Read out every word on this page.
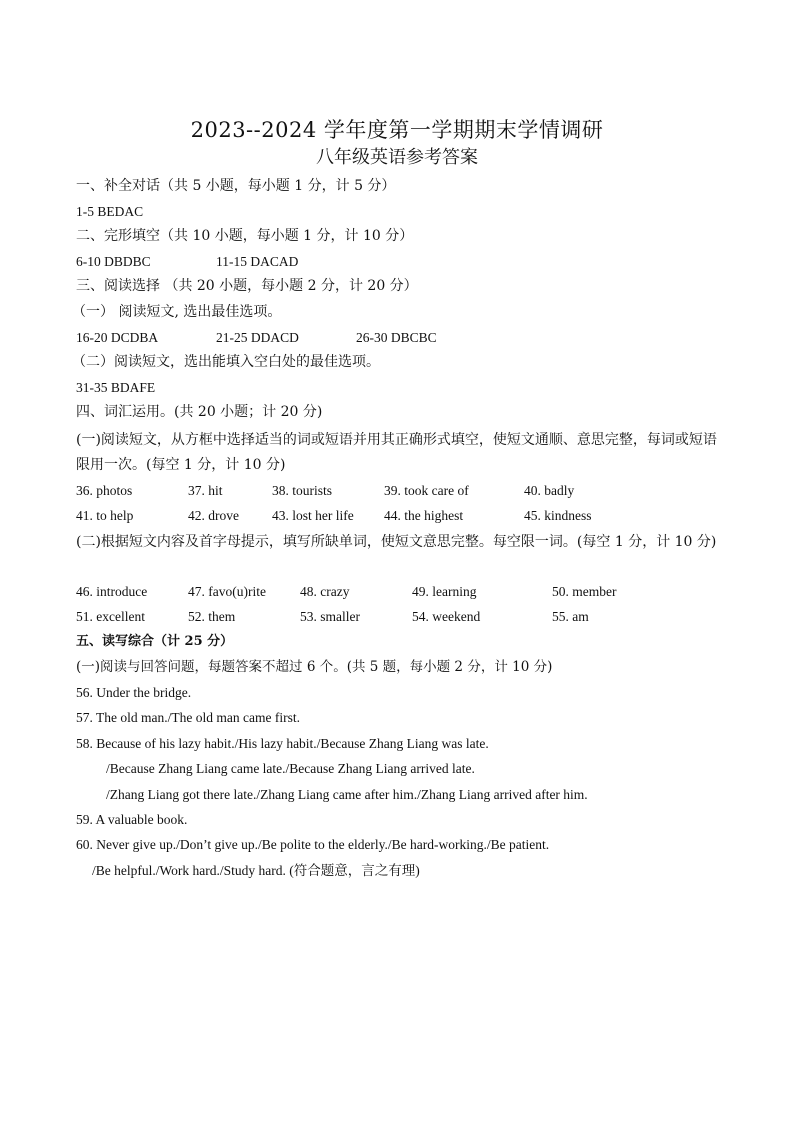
2023--2024 学年度第一学期期末学情调研
八年级英语参考答案
一、补全对话（共 5 小题，每小题 1 分，计 5 分）
1-5 BEDAC
二、完形填空（共 10 小题，每小题 1 分，计 10 分）
6-10 DBDBC	11-15 DACAD
三、阅读选择 （共 20 小题，每小题 2 分，计 20 分）
（一） 阅读短文, 选出最佳选项。
16-20 DCDBA	21-25 DDACD	26-30 DBCBC
（二）阅读短文，选出能填入空白处的最佳选项。
31-35 BDAFE
四、词汇运用。(共 20 小题；计 20 分)
(一)阅读短文，从方框中选择适当的词或短语并用其正确形式填空，使短文通顺、意思完整，每词或短语限用一次。(每空 1 分，计 10 分)
36. photos	37. hit	38. tourists	39. took care of	40. badly
41. to help	42. drove 43. lost her life 44. the highest	45. kindness
(二)根据短文内容及首字母提示，填写所缺单词，使短文意思完整。每空限一词。(每空 1 分，计 10 分)
46. introduce	47. favo(u)rite	48. crazy	49. learning	50. member
51. excellent	52. them	53. smaller	54. weekend	55. am
五、读写综合（计 25 分）
(一)阅读与回答问题，每题答案不超过 6 个。(共 5 题，每小题 2 分，计 10 分)
56. Under the bridge.
57. The old man./The old man came first.
58. Because of his lazy habit./His lazy habit./Because Zhang Liang was late.
/Because Zhang Liang came late./Because Zhang Liang arrived late.
/Zhang Liang got there late./Zhang Liang came after him./Zhang Liang arrived after him.
59. A valuable book.
60. Never give up./Don’t give up./Be polite to the elderly./Be hard-working./Be patient.
/Be helpful./Work hard./Study hard. (符合题意，言之有理)
